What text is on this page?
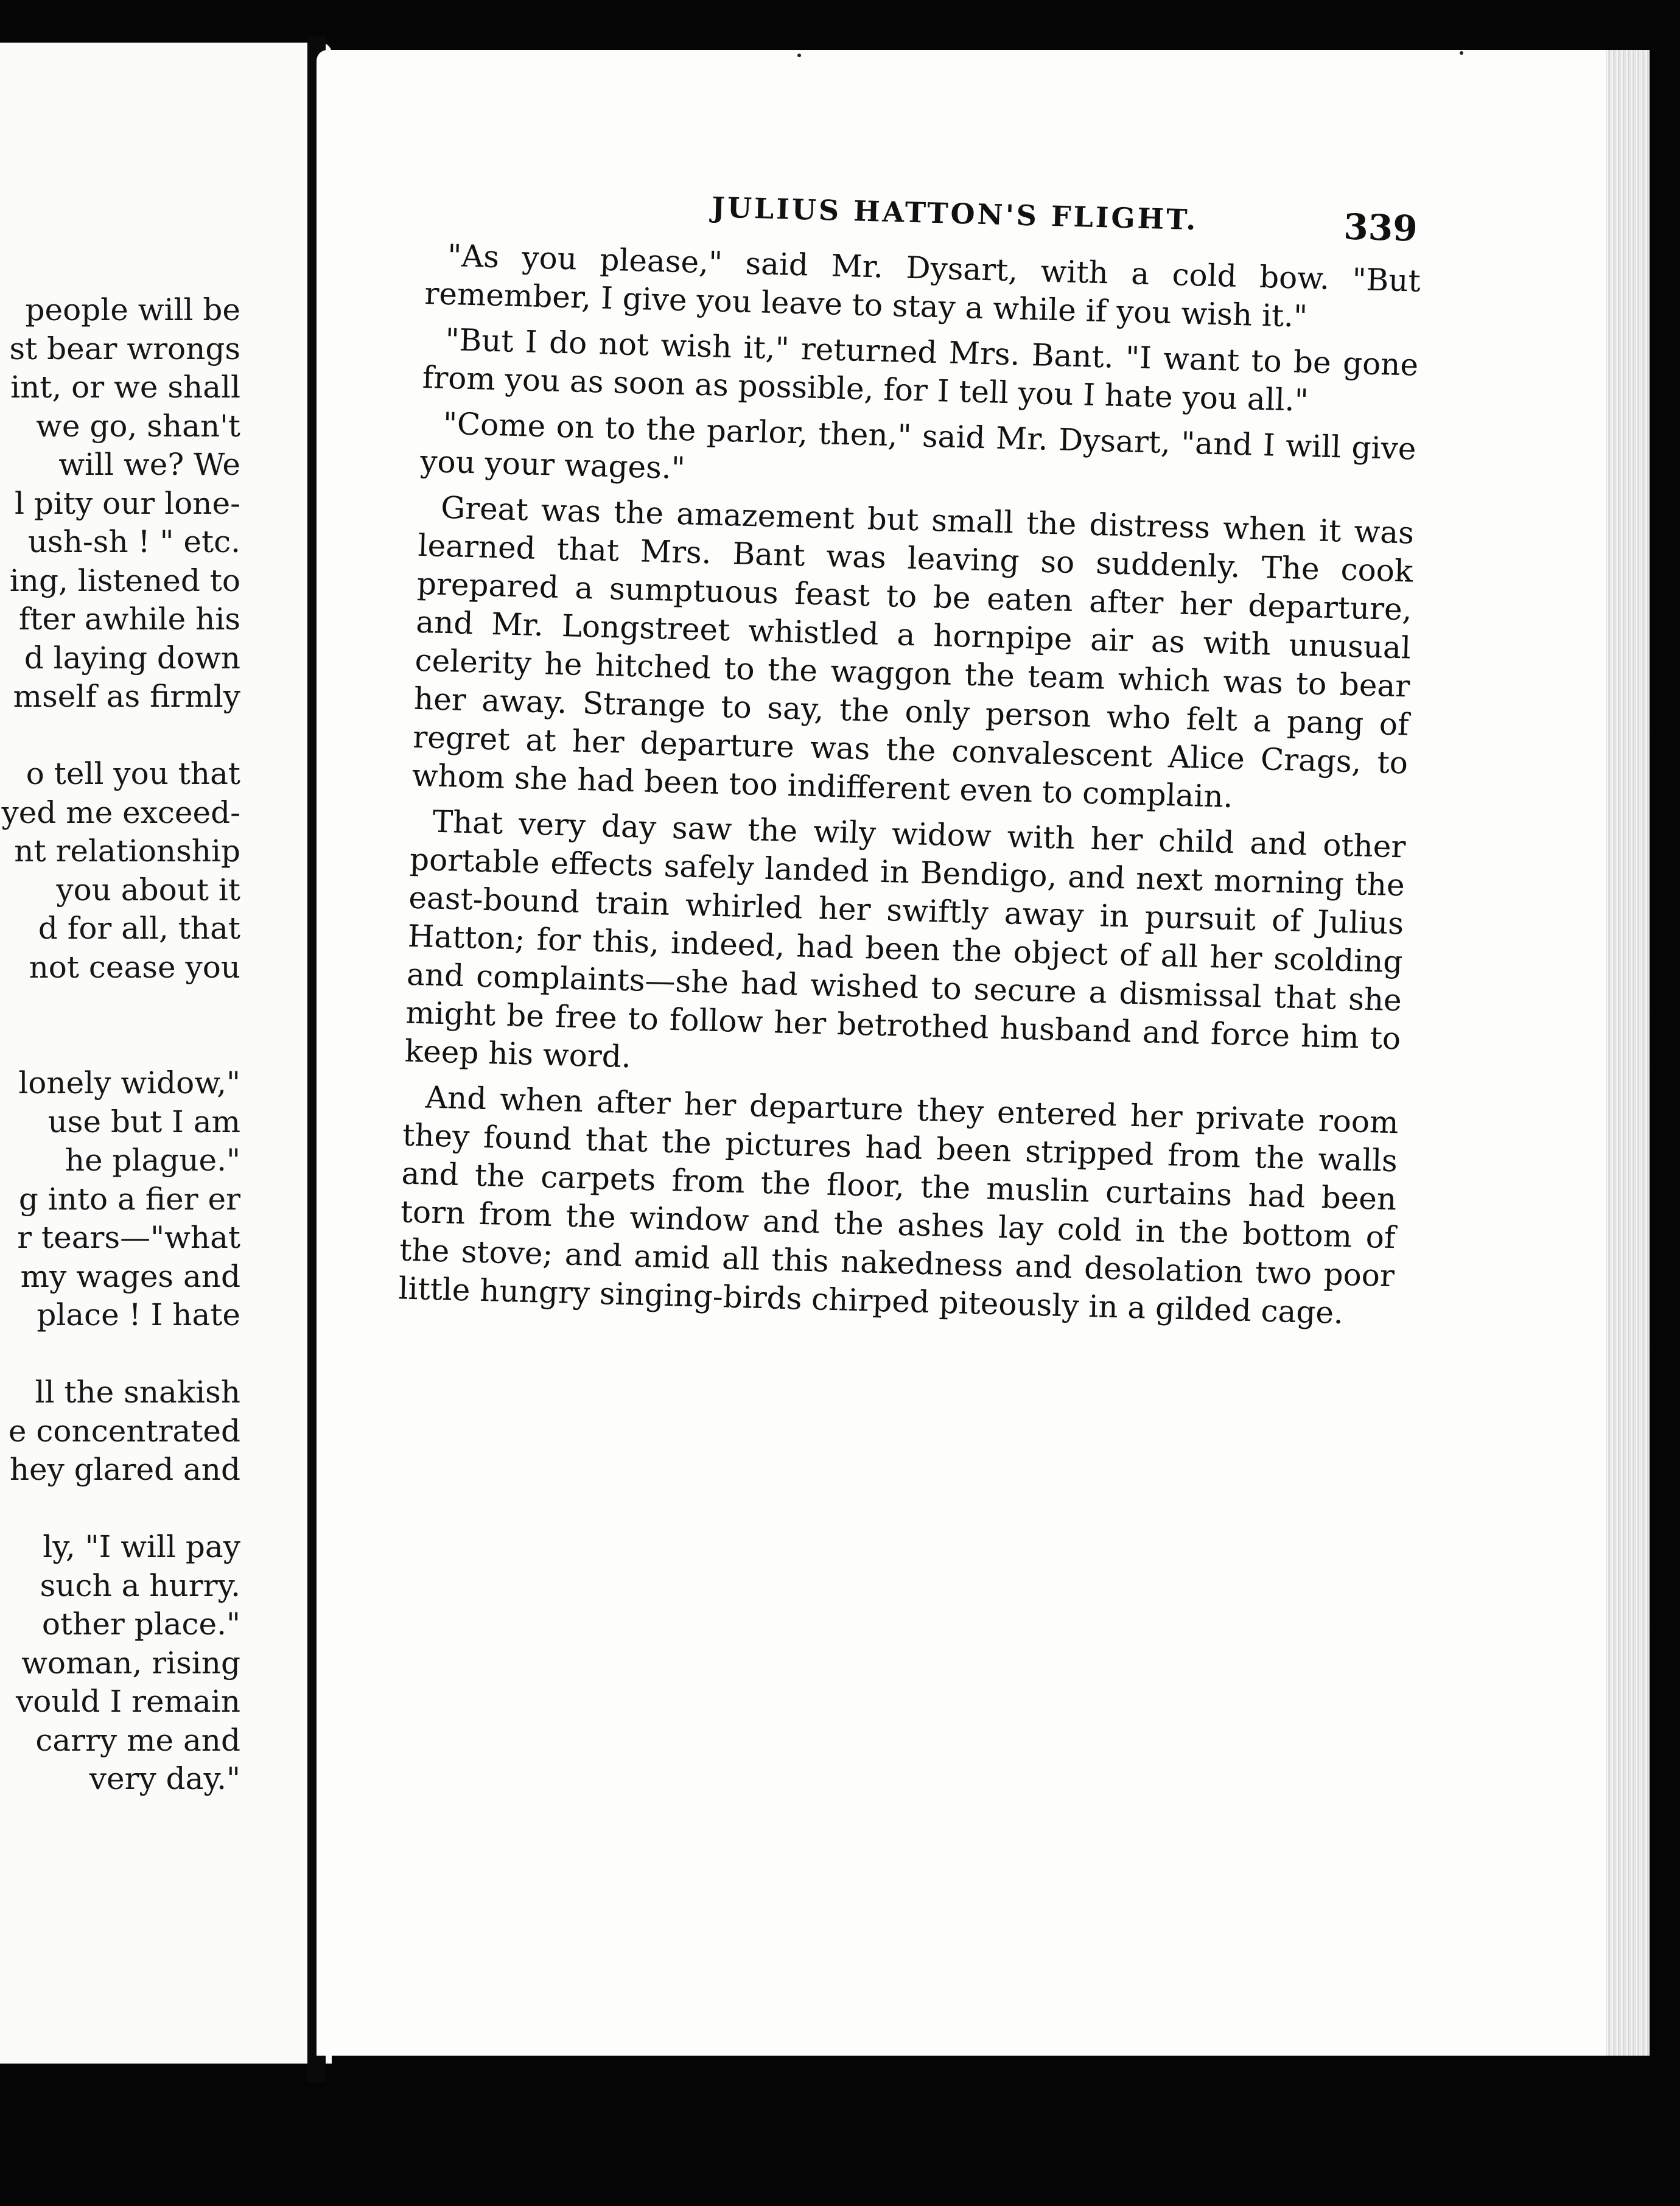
people will be
st bear wrongs
int, or we shall
we go, shan't
will we? We
l pity our lone-
ush-sh ! " etc.
ing, listened to
fter awhile his
d laying down
mself as firmly
o tell you that
yed me exceed-
nt relationship
you about it
d for all, that
not cease you
lonely widow,"
use but I am
he plague."
g into a fier er
r tears—"what
my wages and
place ! I hate
ll the snakish
e concentrated
hey glared and
ly, "I will pay
such a hurry.
other place."
woman, rising
vould I remain
carry me and
very day."
JULIUS HATTON'S FLIGHT.	339

"As you please," said Mr. Dysart, with a cold bow. "But remember, I give you leave to stay a while if you wish it."

"But I do not wish it," returned Mrs. Bant. "I want to be gone from you as soon as possible, for I tell you I hate you all."

"Come on to the parlor, then," said Mr. Dysart, "and I will give you your wages."

Great was the amazement but small the distress when it was learned that Mrs. Bant was leaving so suddenly. The cook prepared a sumptuous feast to be eaten after her departure, and Mr. Longstreet whistled a hornpipe air as with unusual celerity he hitched to the waggon the team which was to bear her away. Strange to say, the only person who felt a pang of regret at her departure was the convalescent Alice Crags, to whom she had been too indifferent even to complain.

That very day saw the wily widow with her child and other portable effects safely landed in Bendigo, and next morning the east-bound train whirled her swiftly away in pursuit of Julius Hatton; for this, indeed, had been the object of all her scolding and complaints—she had wished to secure a dismissal that she might be free to follow her betrothed husband and force him to keep his word.

And when after her departure they entered her private room they found that the pictures had been stripped from the walls and the carpets from the floor, the muslin curtains had been torn from the window and the ashes lay cold in the bottom of the stove; and amid all this nakedness and desolation two poor little hungry singing-birds chirped piteously in a gilded cage.
